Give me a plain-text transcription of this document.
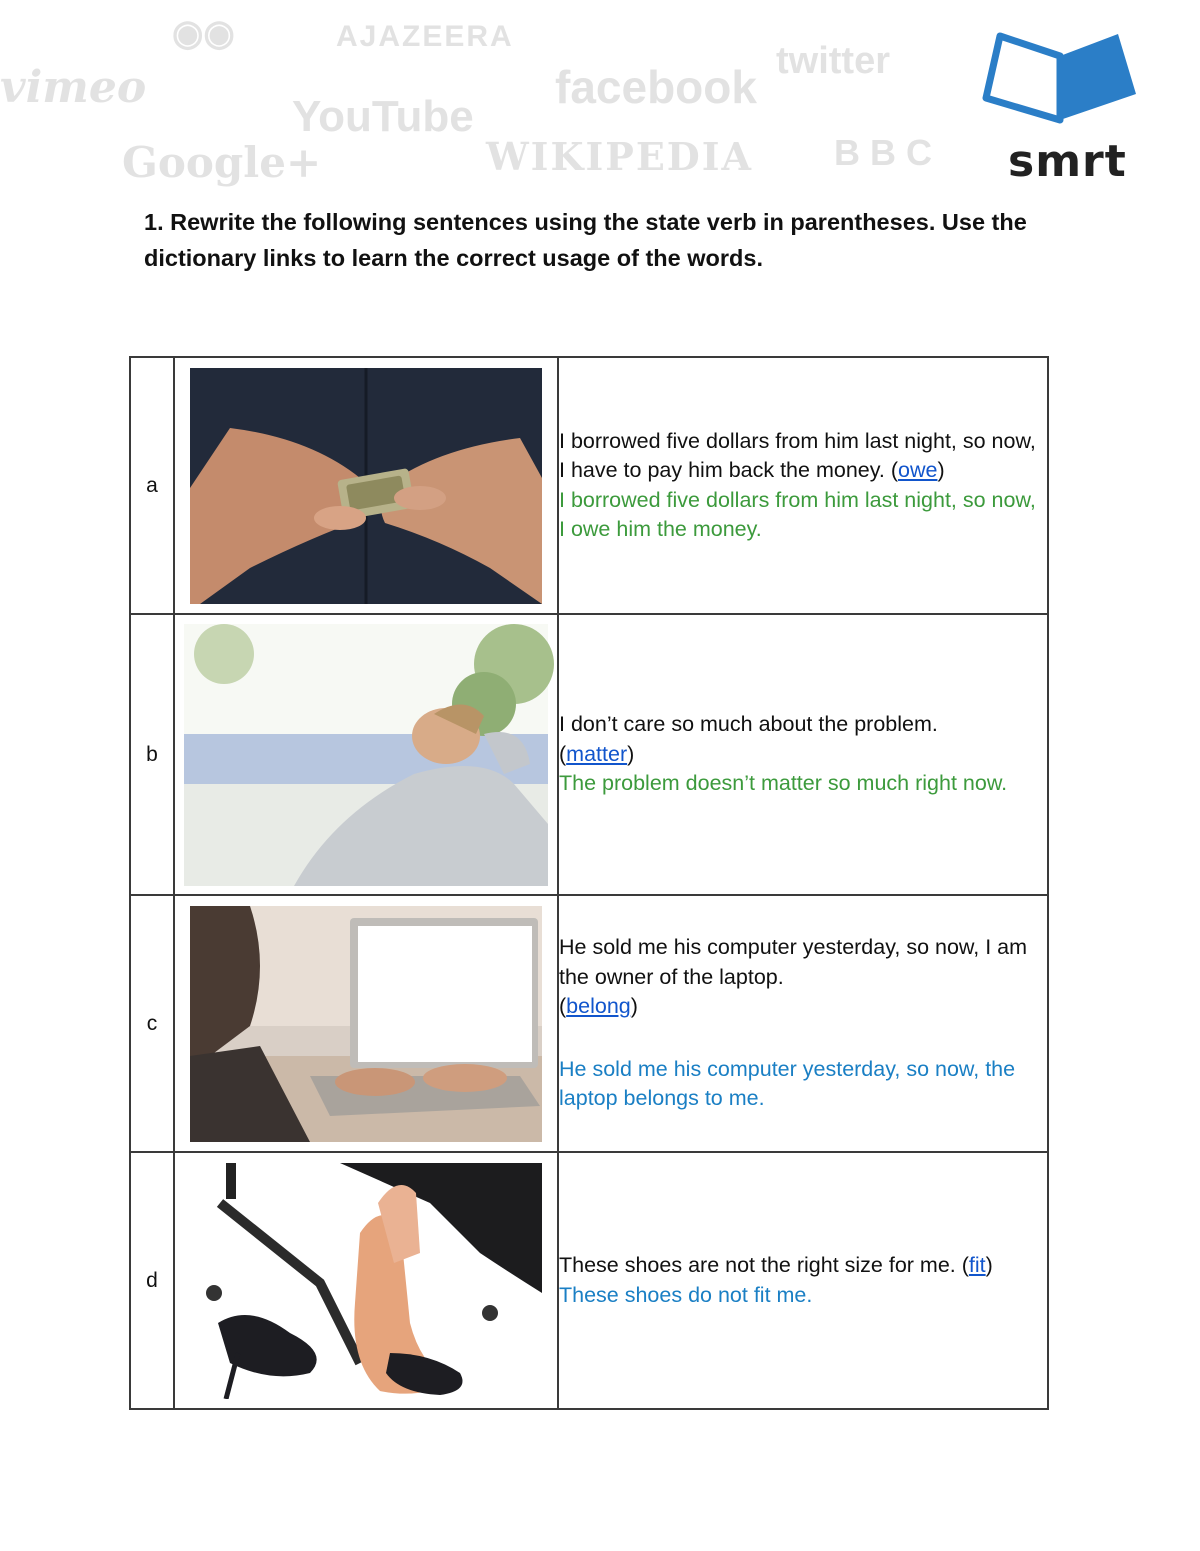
vimeo
◉◉	AJAZEERA
YouTube
facebook twitter
Google+	WIKIPEDIA BBC smrt
1. Rewrite the following sentences using the state verb in parentheses. Use the dictionary links to learn the correct usage of the words.
a		I borrowed five dollars from him last night, so now, I have to pay him back the money. (owe)
I borrowed five dollars from him last night, so now, I owe him the money.
b		I don’t care so much about the problem.
(matter)
The problem doesn’t matter so much right now.
c		He sold me his computer yesterday, so now, I am the owner of the laptop.
(belong)
He sold me his computer yesterday, so now, the laptop belongs to me.
d		These shoes are not the right size for me. (fit)
These shoes do not fit me.
